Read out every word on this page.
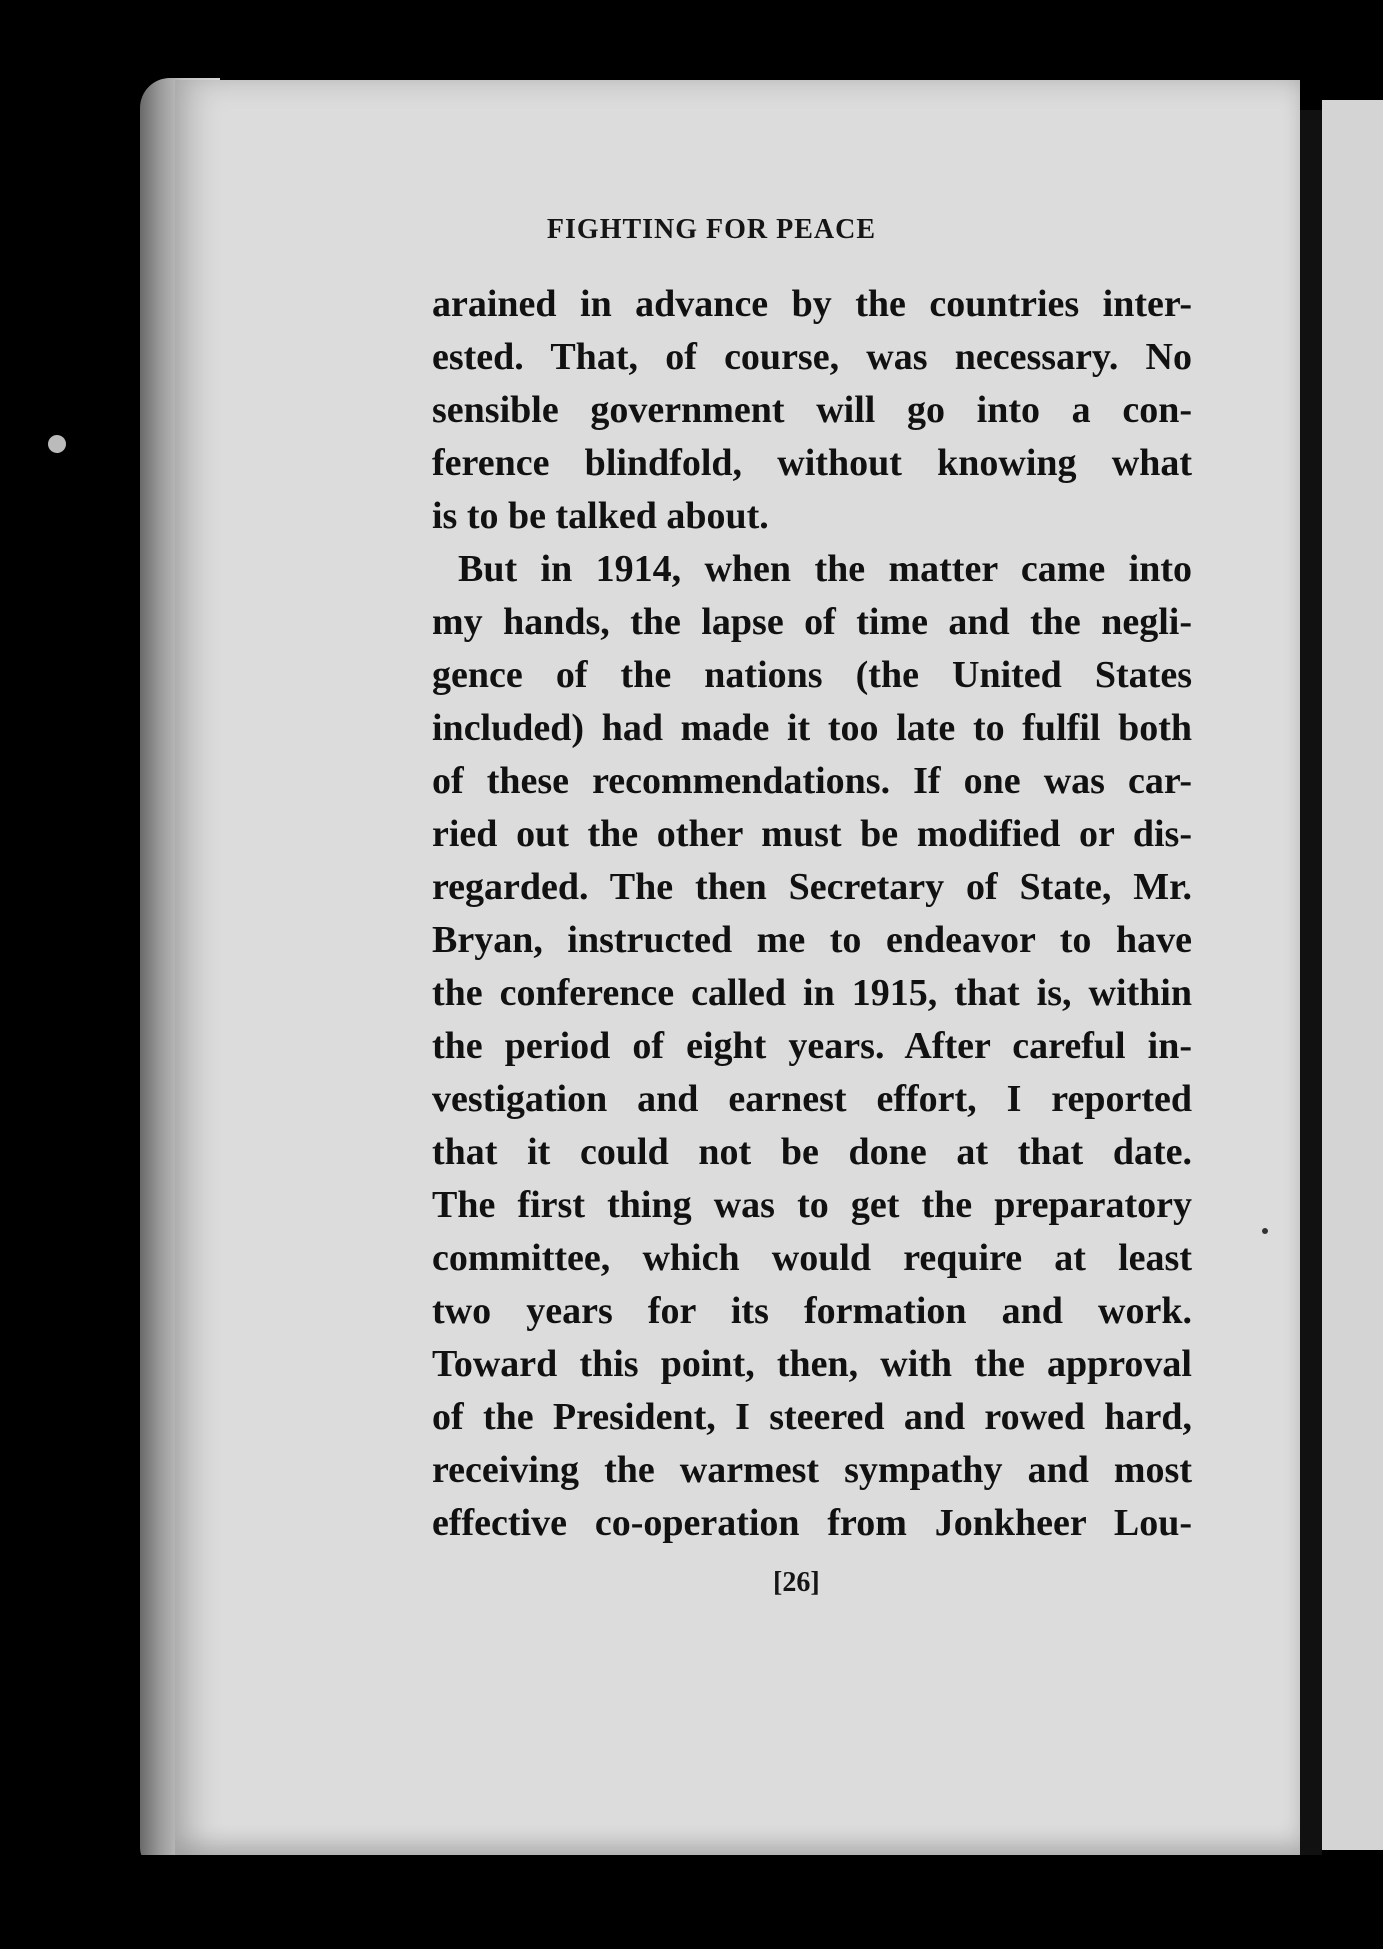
FIGHTING FOR PEACE
arained in advance by the countries inter-
ested. That, of course, was necessary. No
sensible government will go into a con-
ference blindfold, without knowing what
is to be talked about.
But in 1914, when the matter came into
my hands, the lapse of time and the negli-
gence of the nations (the United States
included) had made it too late to fulfil both
of these recommendations. If one was car-
ried out the other must be modified or dis-
regarded. The then Secretary of State, Mr.
Bryan, instructed me to endeavor to have
the conference called in 1915, that is, within
the period of eight years. After careful in-
vestigation and earnest effort, I reported
that it could not be done at that date.
The first thing was to get the preparatory
committee, which would require at least
two years for its formation and work.
Toward this point, then, with the approval
of the President, I steered and rowed hard,
receiving the warmest sympathy and most
effective co-operation from Jonkheer Lou-
[26]
